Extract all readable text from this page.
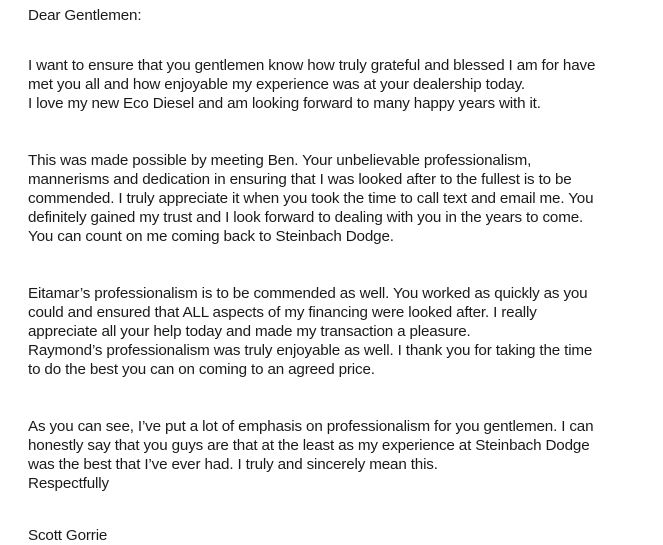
Dear Gentlemen:
I want to ensure that you gentlemen know how truly grateful and blessed I am for have
met you all and how enjoyable my experience was at your dealership today.
I love my new Eco Diesel and am looking forward to many happy years with it.
This was made possible by meeting Ben. Your unbelievable professionalism,
mannerisms and dedication in ensuring that I was looked after to the fullest is to be
commended. I truly appreciate it when you took the time to call text and email me. You
definitely gained my trust and I look forward to dealing with you in the years to come.
You can count on me coming back to Steinbach Dodge.
Eitamar’s professionalism is to be commended as well. You worked as quickly as you
could and ensured that ALL aspects of my financing were looked after. I really
appreciate all your help today and made my transaction a pleasure.
Raymond’s professionalism was truly enjoyable as well. I thank you for taking the time
to do the best you can on coming to an agreed price.
As you can see, I’ve put a lot of emphasis on professionalism for you gentlemen. I can
honestly say that you guys are that at the least as my experience at Steinbach Dodge
was the best that I’ve ever had. I truly and sincerely mean this.
Respectfully
Scott Gorrie
